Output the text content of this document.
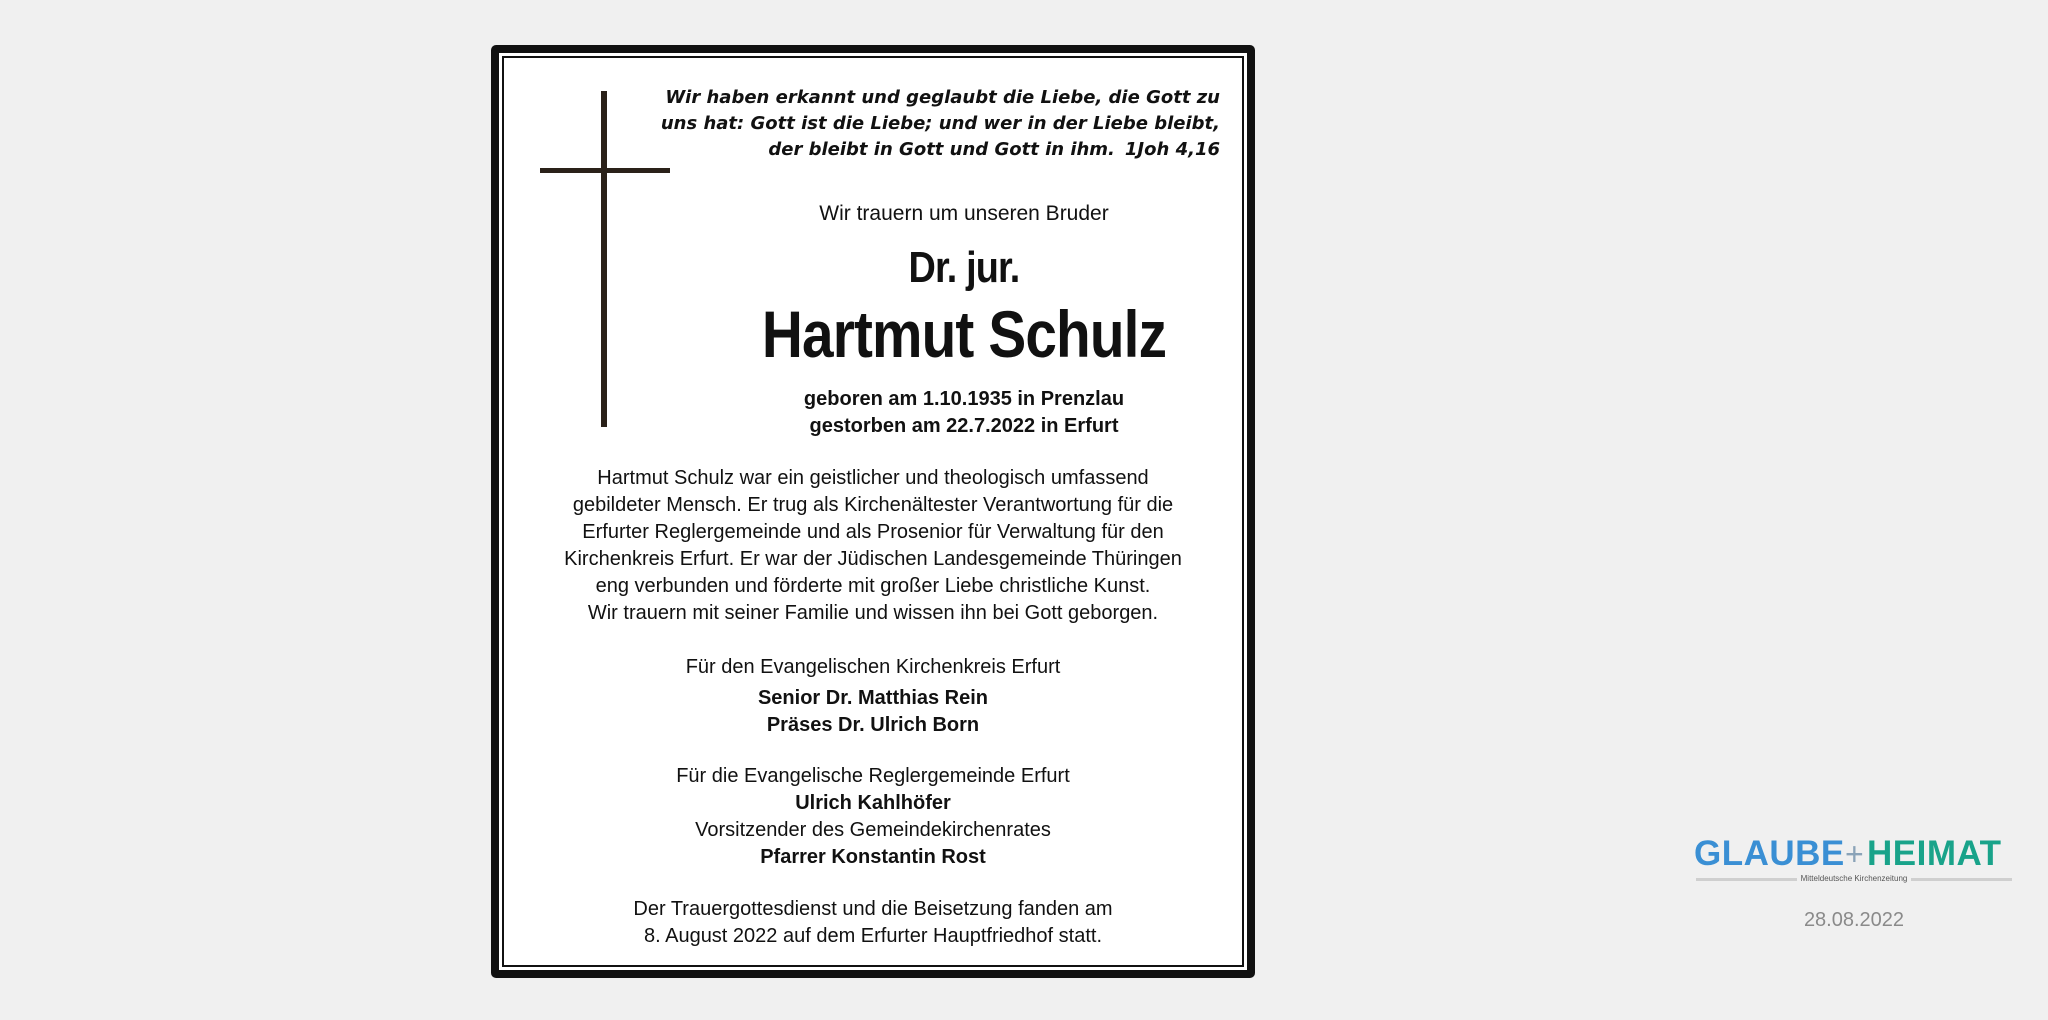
Wir haben erkannt und geglaubt die Liebe, die Gott zu
uns hat: Gott ist die Liebe; und wer in der Liebe bleibt,
der bleibt in Gott und Gott in ihm. 1Joh 4,16
Wir trauern um unseren Bruder
Dr. jur.
Hartmut Schulz
geboren am 1.10.1935 in Prenzlau
gestorben am 22.7.2022 in Erfurt
Hartmut Schulz war ein geistlicher und theologisch umfassend
gebildeter Mensch. Er trug als Kirchenältester Verantwortung für die
Erfurter Reglergemeinde und als Prosenior für Verwaltung für den
Kirchenkreis Erfurt. Er war der Jüdischen Landesgemeinde Thüringen
eng verbunden und förderte mit großer Liebe christliche Kunst.
Wir trauern mit seiner Familie und wissen ihn bei Gott geborgen.
Für den Evangelischen Kirchenkreis Erfurt
Senior Dr. Matthias Rein
Präses Dr. Ulrich Born
Für die Evangelische Reglergemeinde Erfurt
Ulrich Kahlhöfer
Vorsitzender des Gemeindekirchenrates
Pfarrer Konstantin Rost
Der Trauergottesdienst und die Beisetzung fanden am
8. August 2022 auf dem Erfurter Hauptfriedhof statt.
GLAUBE + HEIMAT
Mitteldeutsche Kirchenzeitung
28.08.2022
